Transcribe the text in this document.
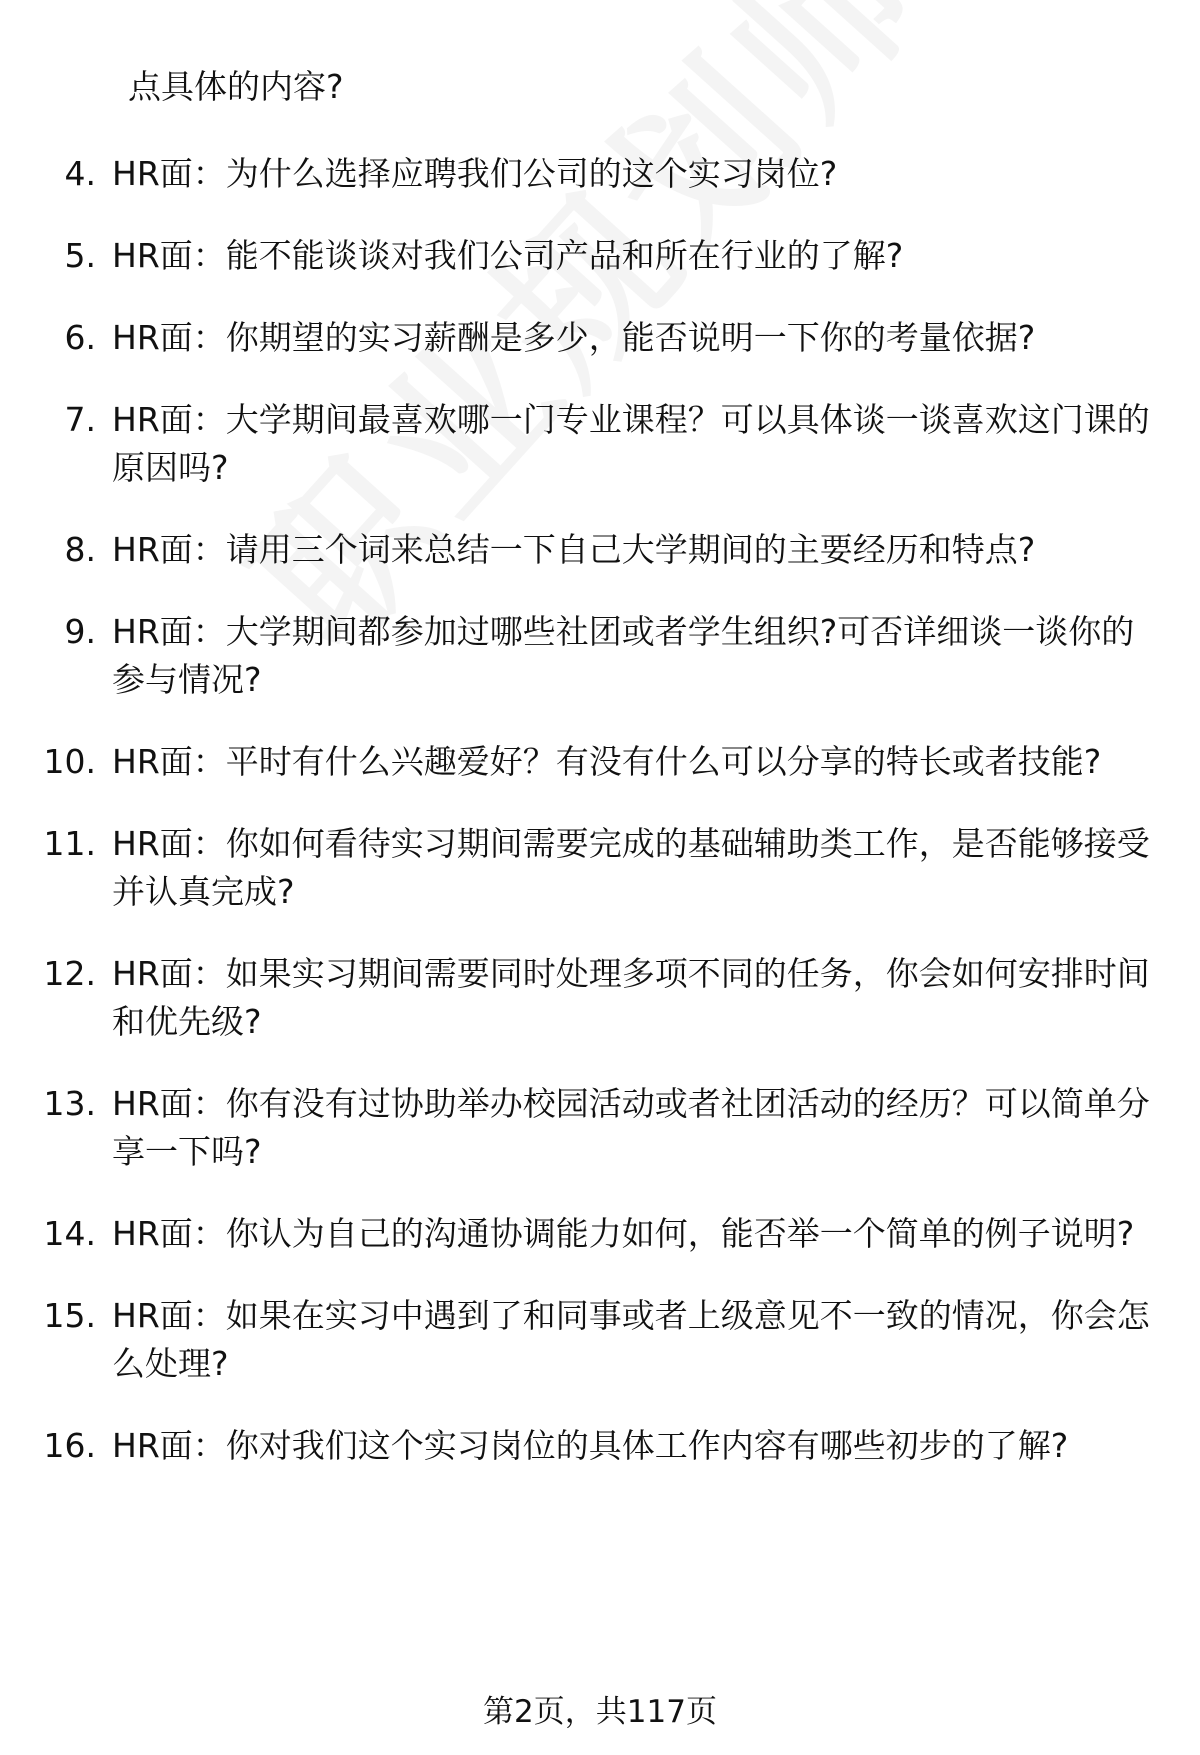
点具体的内容?
4. HR面：为什么选择应聘我们公司的这个实习岗位?
5. HR面：能不能谈谈对我们公司产品和所在行业的了解?
6. HR面：你期望的实习薪酬是多少，能否说明一下你的考量依据?
7. HR面：大学期间最喜欢哪一门专业课程？可以具体谈一谈喜欢这门课的原因吗?
8. HR面：请用三个词来总结一下自己大学期间的主要经历和特点?
9. HR面：大学期间都参加过哪些社团或者学生组织?可否详细谈一谈你的参与情况?
10. HR面：平时有什么兴趣爱好？有没有什么可以分享的特长或者技能?
11. HR面：你如何看待实习期间需要完成的基础辅助类工作，是否能够接受并认真完成?
12. HR面：如果实习期间需要同时处理多项不同的任务，你会如何安排时间和优先级?
13. HR面：你有没有过协助举办校园活动或者社团活动的经历？可以简单分享一下吗?
14. HR面：你认为自己的沟通协调能力如何，能否举一个简单的例子说明?
15. HR面：如果在实习中遇到了和同事或者上级意见不一致的情况，你会怎么处理?
16. HR面：你对我们这个实习岗位的具体工作内容有哪些初步的了解?
第2页，共117页
